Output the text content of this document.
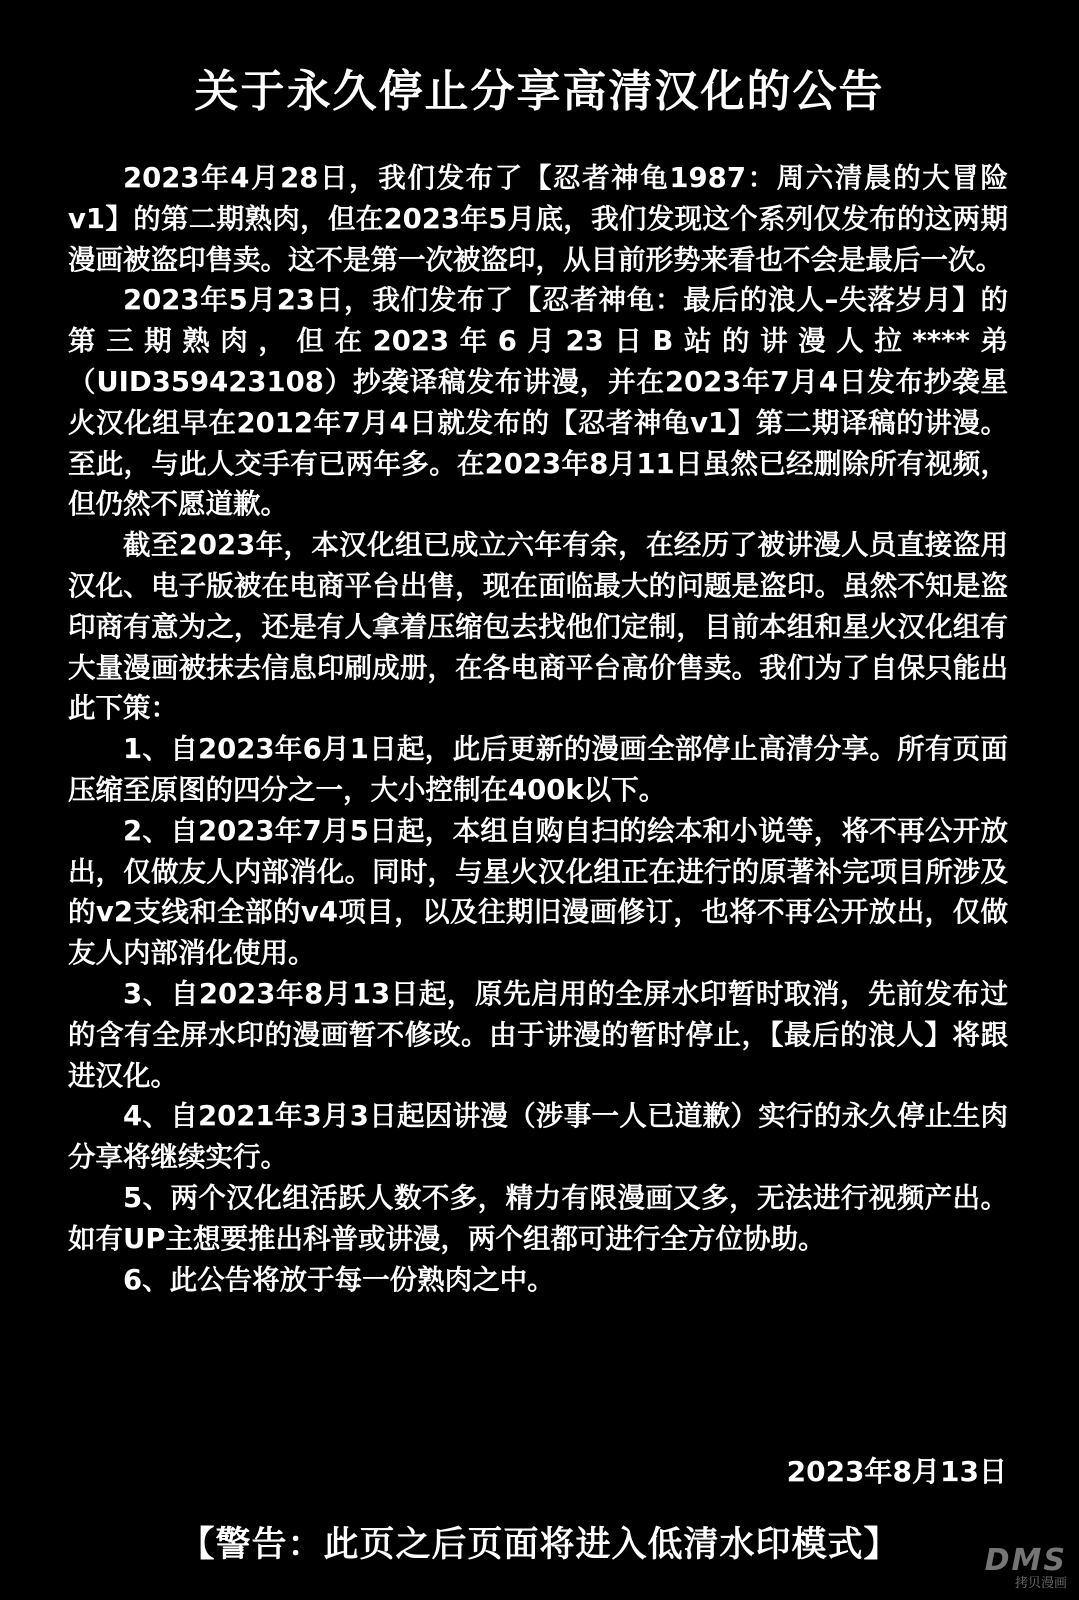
关于永久停止分享高清汉化的公告

2023年4月28日，我们发布了【忍者神龟1987：周六清晨的大冒险v1】的第二期熟肉，但在2023年5月底，我们发现这个系列仅发布的这两期漫画被盗印售卖。这不是第一次被盗印，从目前形势来看也不会是最后一次。

2023年5月23日，我们发布了【忍者神龟：最后的浪人–失落岁月】的第三期熟肉，但在2023年6月23日B站的讲漫人拉****弟（UID359423108）抄袭译稿发布讲漫，并在2023年7月4日发布抄袭星火汉化组早在2012年7月4日就发布的【忍者神龟v1】第二期译稿的讲漫。至此，与此人交手有已两年多。在2023年8月11日虽然已经删除所有视频，但仍然不愿道歉。

截至2023年，本汉化组已成立六年有余，在经历了被讲漫人员直接盗用汉化、电子版被在电商平台出售，现在面临最大的问题是盗印。虽然不知是盗印商有意为之，还是有人拿着压缩包去找他们定制，目前本组和星火汉化组有大量漫画被抹去信息印刷成册，在各电商平台高价售卖。我们为了自保只能出此下策：

1、自2023年6月1日起，此后更新的漫画全部停止高清分享。所有页面压缩至原图的四分之一，大小控制在400k以下。

2、自2023年7月5日起，本组自购自扫的绘本和小说等，将不再公开放出，仅做友人内部消化。同时，与星火汉化组正在进行的原著补完项目所涉及的v2支线和全部的v4项目，以及往期旧漫画修订，也将不再公开放出，仅做友人内部消化使用。

3、自2023年8月13日起，原先启用的全屏水印暂时取消，先前发布过的含有全屏水印的漫画暂不修改。由于讲漫的暂时停止，【最后的浪人】将跟进汉化。

4、自2021年3月3日起因讲漫（涉事一人已道歉）实行的永久停止生肉分享将继续实行。

5、两个汉化组活跃人数不多，精力有限漫画又多，无法进行视频产出。如有UP主想要推出科普或讲漫，两个组都可进行全方位协助。

6、此公告将放于每一份熟肉之中。

2023年8月13日
【警告：此页之后页面将进入低清水印模式】	DMS
拷贝漫画
